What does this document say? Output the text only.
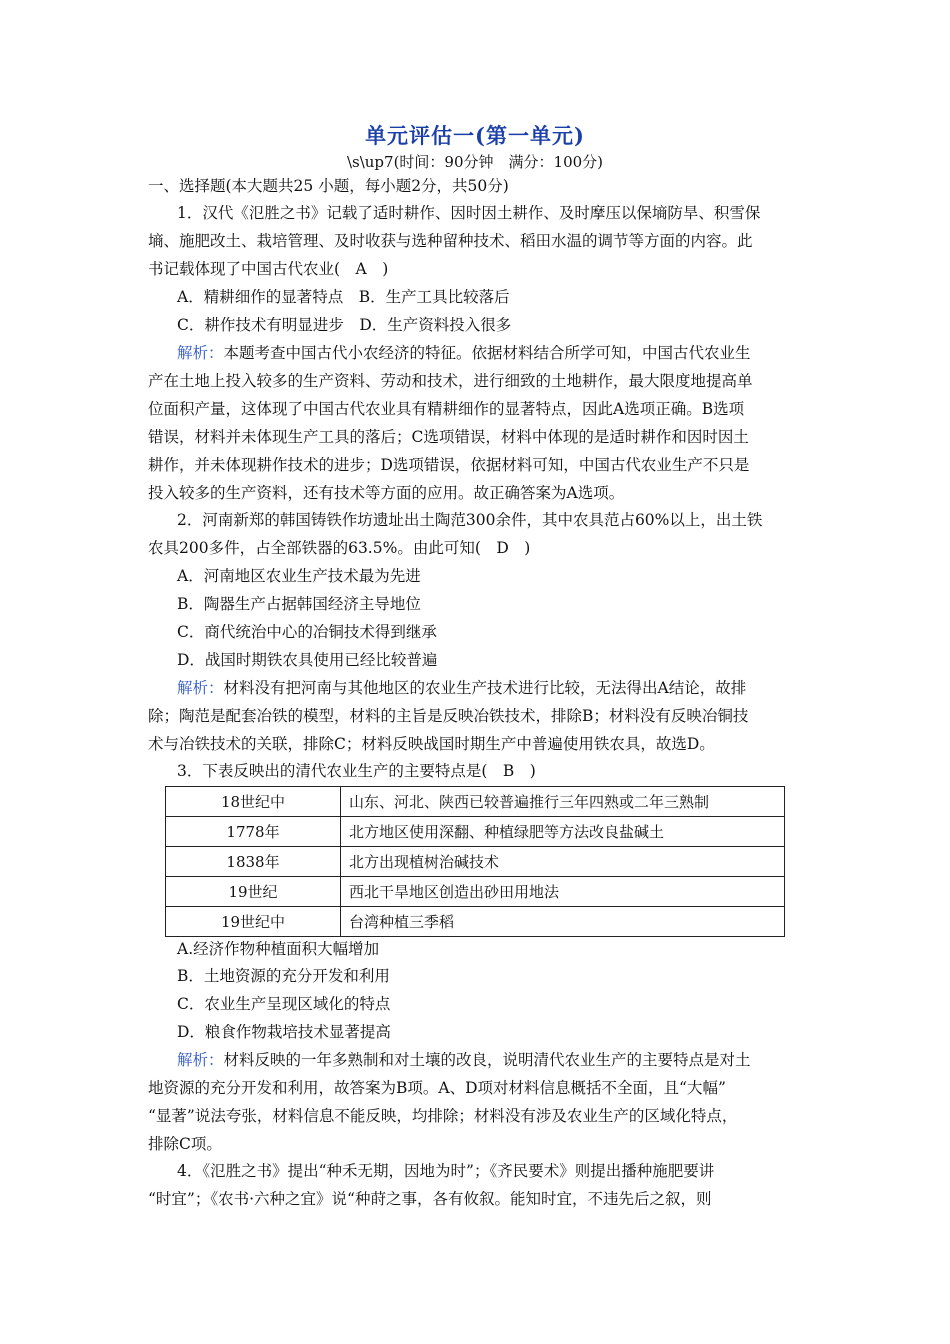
单元评估一(第一单元)
\s\up7(时间：90分钟　满分：100分)
一、选择题(本大题共25 小题，每小题2分，共50分)
1．汉代《氾胜之书》记载了适时耕作、因时因土耕作、及时摩压以保墒防旱、积雪保
墒、施肥改土、栽培管理、及时收获与选种留种技术、稻田水温的调节等方面的内容。此
书记载体现了中国古代农业(　A　)
A．精耕细作的显著特点　B．生产工具比较落后
C．耕作技术有明显进步　D．生产资料投入很多
解析：本题考查中国古代小农经济的特征。依据材料结合所学可知，中国古代农业生
产在土地上投入较多的生产资料、劳动和技术，进行细致的土地耕作，最大限度地提高单
位面积产量，这体现了中国古代农业具有精耕细作的显著特点，因此A选项正确。B选项
错误，材料并未体现生产工具的落后；C选项错误，材料中体现的是适时耕作和因时因土
耕作，并未体现耕作技术的进步；D选项错误，依据材料可知，中国古代农业生产不只是
投入较多的生产资料，还有技术等方面的应用。故正确答案为A选项。
2．河南新郑的韩国铸铁作坊遗址出土陶范300余件，其中农具范占60%以上，出土铁
农具200多件，占全部铁器的63.5%。由此可知(　D　)
A．河南地区农业生产技术最为先进
B．陶器生产占据韩国经济主导地位
C．商代统治中心的冶铜技术得到继承
D．战国时期铁农具使用已经比较普遍
解析：材料没有把河南与其他地区的农业生产技术进行比较，无法得出A结论，故排
除；陶范是配套冶铁的模型，材料的主旨是反映冶铁技术，排除B；材料没有反映冶铜技
术与冶铁技术的关联，排除C；材料反映战国时期生产中普遍使用铁农具，故选D。
3．下表反映出的清代农业生产的主要特点是(　B　)
18世纪中	山东、河北、陕西已较普遍推行三年四熟或二年三熟制
1778年	北方地区使用深翻、种植绿肥等方法改良盐碱土
1838年	北方出现植树治碱技术
19世纪	西北干旱地区创造出砂田用地法
19世纪中	台湾种植三季稻
A.经济作物种植面积大幅增加
B．土地资源的充分开发和利用
C．农业生产呈现区域化的特点
D．粮食作物栽培技术显著提高
解析：材料反映的一年多熟制和对土壤的改良，说明清代农业生产的主要特点是对土
地资源的充分开发和利用，故答案为B项。A、D项对材料信息概括不全面，且“大幅”
“显著”说法夸张，材料信息不能反映，均排除；材料没有涉及农业生产的区域化特点，
排除C项。
4．《氾胜之书》提出“种禾无期，因地为时”；《齐民要术》则提出播种施肥要讲
“时宜”；《农书·六种之宜》说“种莳之事，各有攸叙。能知时宜，不违先后之叙，则
